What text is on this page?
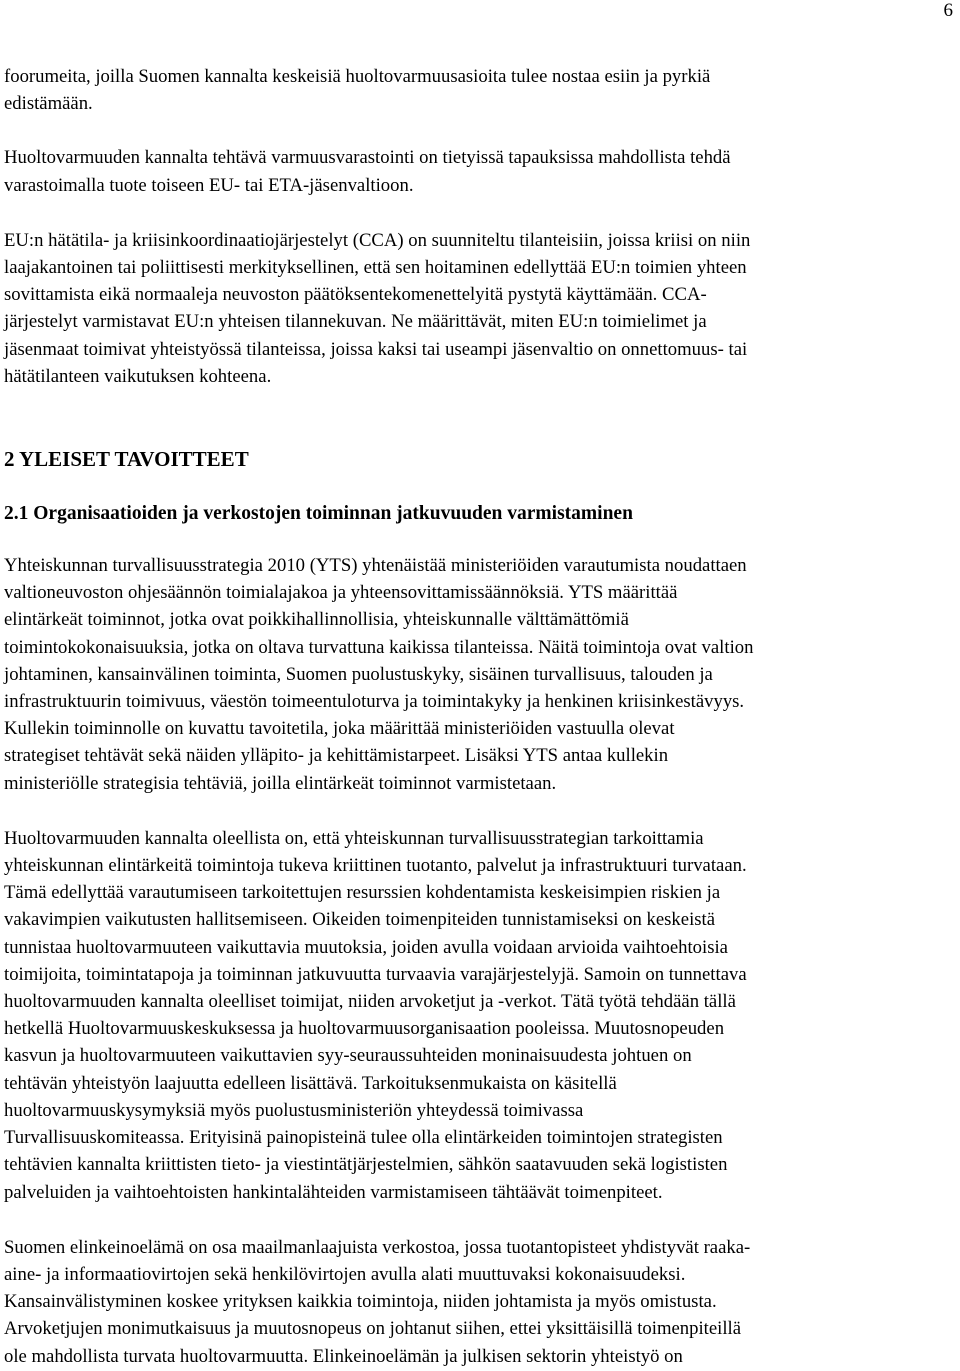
6

foorumeita, joilla Suomen kannalta keskeisiä huoltovarmuusasioita tulee nostaa esiin ja pyrkiä
edistämään.

Huoltovarmuuden kannalta tehtävä varmuusvarastointi on tietyissä tapauksissa mahdollista tehdä
varastoimalla tuote toiseen EU- tai ETA-jäsenvaltioon.

EU:n hätätila- ja kriisinkoordinaatiojärjestelyt (CCA) on suunniteltu tilanteisiin, joissa kriisi on niin
laajakantoinen tai poliittisesti merkityksellinen, että sen hoitaminen edellyttää EU:n toimien yhteen
sovittamista eikä normaaleja neuvoston päätöksentekomenettelyitä pystytä käyttämään. CCA-
järjestelyt varmistavat EU:n yhteisen tilannekuvan. Ne määrittävät, miten EU:n toimielimet ja
jäsenmaat toimivat yhteistyössä tilanteissa, joissa kaksi tai useampi jäsenvaltio on onnettomuus- tai
hätätilanteen vaikutuksen kohteena.

2 YLEISET TAVOITTEET
2.1 Organisaatioiden ja verkostojen toiminnan jatkuvuuden varmistaminen

Yhteiskunnan turvallisuusstrategia 2010 (YTS) yhtenäistää ministeriöiden varautumista noudattaen
valtioneuvoston ohjesäännön toimialajakoa ja yhteensovittamissäännöksiä. YTS määrittää
elintärkeät toiminnot, jotka ovat poikkihallinnollisia, yhteiskunnalle välttämättömiä
toimintokokonaisuuksia, jotka on oltava turvattuna kaikissa tilanteissa. Näitä toimintoja ovat valtion
johtaminen, kansainvälinen toiminta, Suomen puolustuskyky, sisäinen turvallisuus, talouden ja
infrastruktuurin toimivuus, väestön toimeentuloturva ja toimintakyky ja henkinen kriisinkestävyys.
Kullekin toiminnolle on kuvattu tavoitetila, joka määrittää ministeriöiden vastuulla olevat
strategiset tehtävät sekä näiden ylläpito- ja kehittämistarpeet. Lisäksi YTS antaa kullekin
ministeriölle strategisia tehtäviä, joilla elintärkeät toiminnot varmistetaan.

Huoltovarmuuden kannalta oleellista on, että yhteiskunnan turvallisuusstrategian tarkoittamia
yhteiskunnan elintärkeitä toimintoja tukeva kriittinen tuotanto, palvelut ja infrastruktuuri turvataan.
Tämä edellyttää varautumiseen tarkoitettujen resurssien kohdentamista keskeisimpien riskien ja
vakavimpien vaikutusten hallitsemiseen. Oikeiden toimenpiteiden tunnistamiseksi on keskeistä
tunnistaa huoltovarmuuteen vaikuttavia muutoksia, joiden avulla voidaan arvioida vaihtoehtoisia
toimijoita, toimintatapoja ja toiminnan jatkuvuutta turvaavia varajärjestelyjä. Samoin on tunnettava
huoltovarmuuden kannalta oleelliset toimijat, niiden arvoketjut ja -verkot. Tätä työtä tehdään tällä
hetkellä Huoltovarmuuskeskuksessa ja huoltovarmuusorganisaation pooleissa. Muutosnopeuden
kasvun ja huoltovarmuuteen vaikuttavien syy-seuraussuhteiden moninaisuudesta johtuen on
tehtävän yhteistyön laajuutta edelleen lisättävä. Tarkoituksenmukaista on käsitellä
huoltovarmuuskysymyksiä myös puolustusministeriön yhteydessä toimivassa
Turvallisuuskomiteassa. Erityisinä painopisteinä tulee olla elintärkeiden toimintojen strategisten
tehtävien kannalta kriittisten tieto- ja viestintätjärjestelmien, sähkön saatavuuden sekä logististen
palveluiden ja vaihtoehtoisten hankintalähteiden varmistamiseen tähtäävät toimenpiteet.

Suomen elinkeinoelämä on osa maailmanlaajuista verkostoa, jossa tuotantopisteet yhdistyvät raaka-
aine- ja informaatiovirtojen sekä henkilövirtojen avulla alati muuttuvaksi kokonaisuudeksi.
Kansainvälistyminen koskee yrityksen kaikkia toimintoja, niiden johtamista ja myös omistusta.
Arvoketjujen monimutkaisuus ja muutosnopeus on johtanut siihen, ettei yksittäisillä toimenpiteillä
ole mahdollista turvata huoltovarmuutta. Elinkeinoelämän ja julkisen sektorin yhteistyö on
